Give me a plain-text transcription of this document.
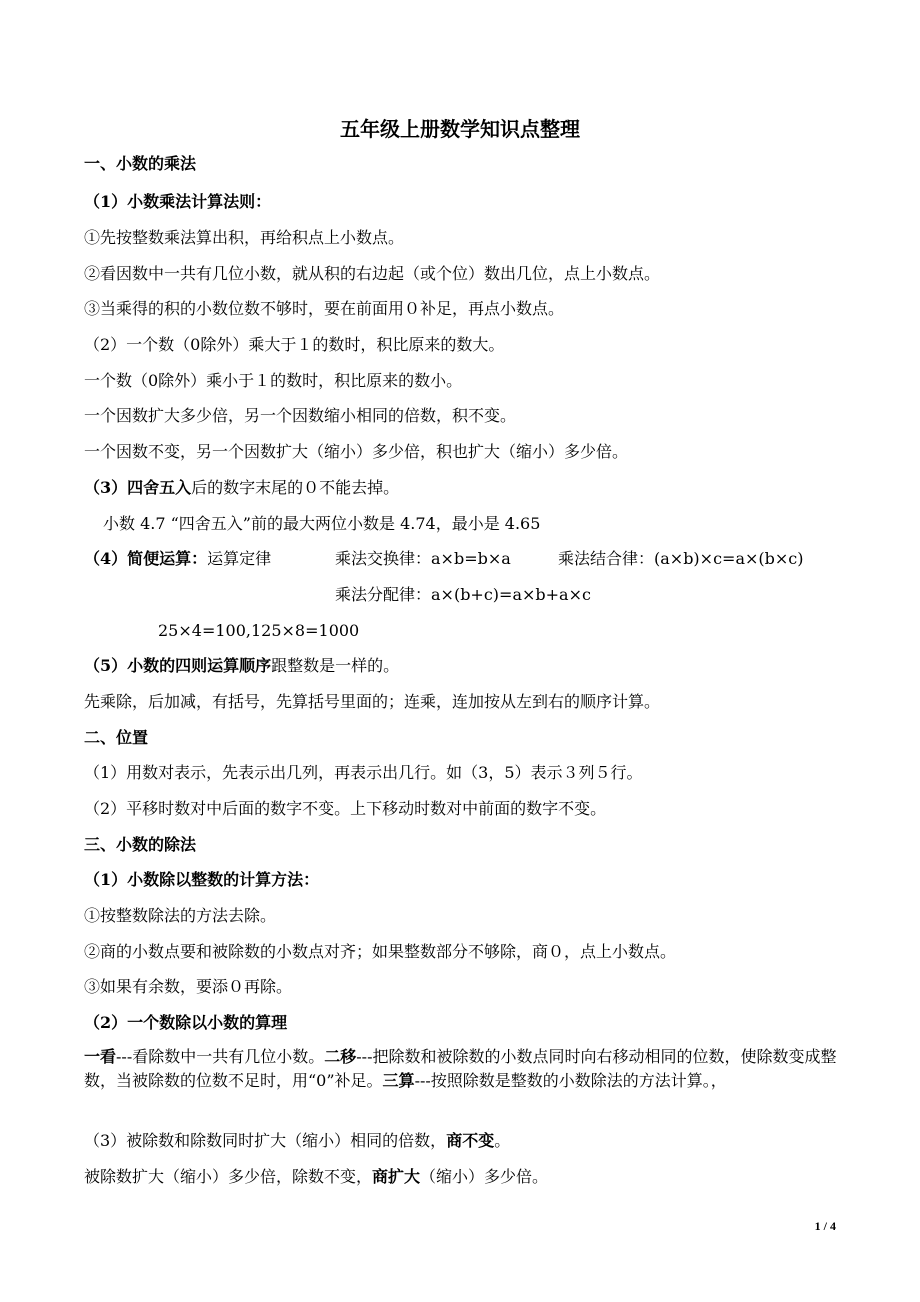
五年级上册数学知识点整理
一、小数的乘法
（1）小数乘法计算法则：
①先按整数乘法算出积，再给积点上小数点。
②看因数中一共有几位小数，就从积的右边起（或个位）数出几位，点上小数点。
③当乘得的积的小数位数不够时，要在前面用０补足，再点小数点。
（2）一个数（0除外）乘大于１的数时，积比原来的数大。
一个数（0除外）乘小于１的数时，积比原来的数小。
一个因数扩大多少倍，另一个因数缩小相同的倍数，积不变。
一个因数不变，另一个因数扩大（缩小）多少倍，积也扩大（缩小）多少倍。
（3）四舍五入后的数字末尾的０不能去掉。
小数 4.7 “四舍五入”前的最大两位小数是 4.74，最小是 4.65
（4）简便运算：运算定律	乘法交换律：a×b=b×a	乘法结合律：(a×b)×c=a×(b×c)
乘法分配律：a×(b+c)=a×b+a×c
25×4=100,125×8=1000
（5）小数的四则运算顺序跟整数是一样的。
先乘除，后加减，有括号，先算括号里面的；连乘，连加按从左到右的顺序计算。
二、位置
（1）用数对表示，先表示出几列，再表示出几行。如（3，5）表示３列５行。
（2）平移时数对中后面的数字不变。上下移动时数对中前面的数字不变。
三、小数的除法
（1）小数除以整数的计算方法：
①按整数除法的方法去除。
②商的小数点要和被除数的小数点对齐；如果整数部分不够除，商０，点上小数点。
③如果有余数，要添０再除。
（2）一个数除以小数的算理
一看---看除数中一共有几位小数。二移---把除数和被除数的小数点同时向右移动相同的位数，使除数变成整数，当被除数的位数不足时，用“0”补足。三算---按照除数是整数的小数除法的方法计算。，
（3）被除数和除数同时扩大（缩小）相同的倍数，商不变。
被除数扩大（缩小）多少倍，除数不变，商扩大（缩小）多少倍。
1 / 4
